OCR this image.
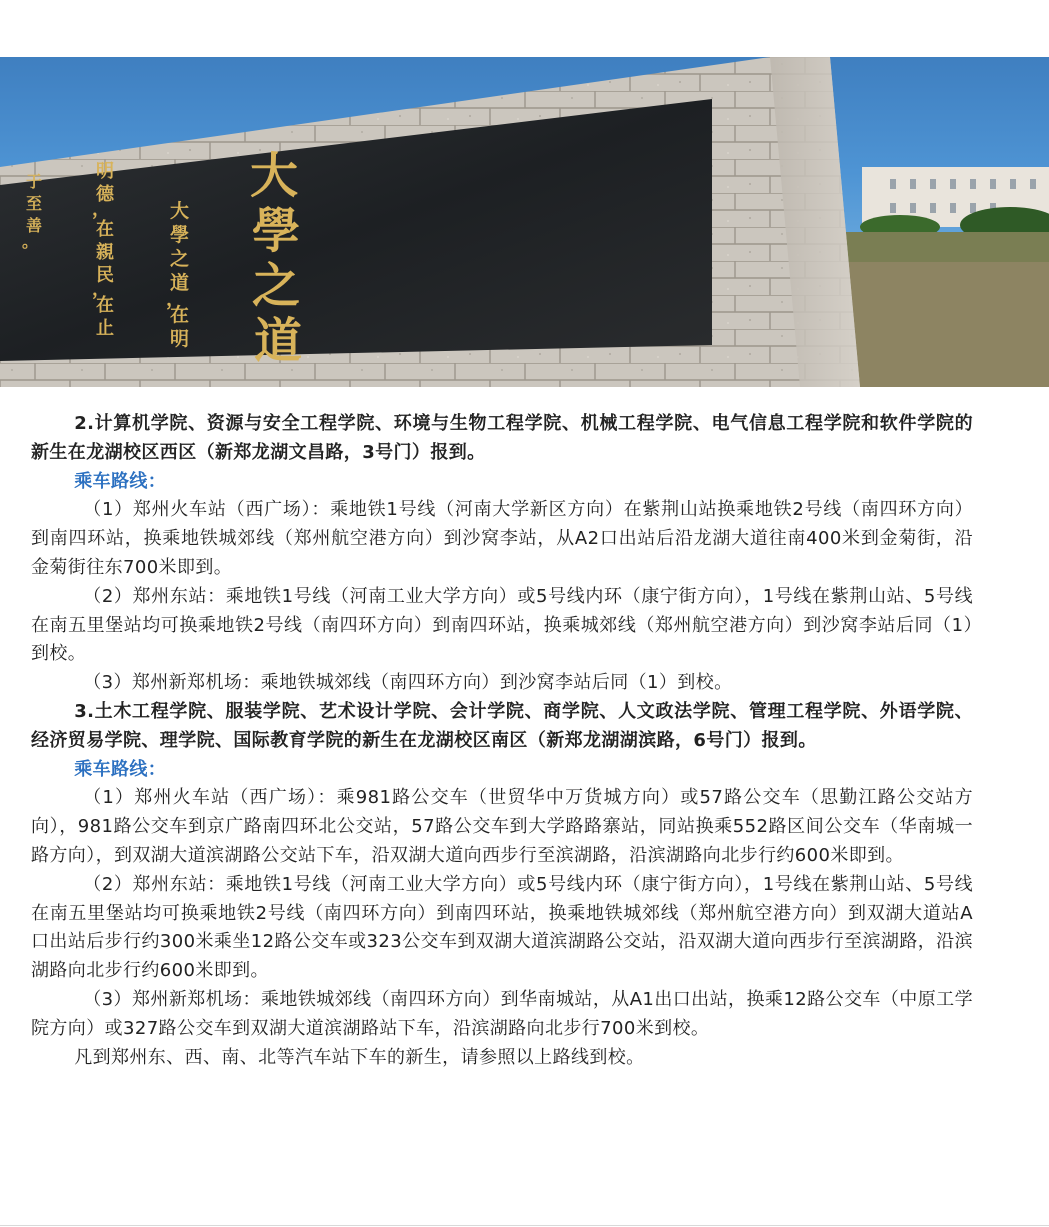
大
學
之
道
大
學
之
道
，
在
明
明
德
，
在
親
民
，
在
止
于
至
善
。

2.计算机学院、资源与安全工程学院、环境与生物工程学院、机械工程学院、电气信息工程学院和软件学院的新生在龙湖校区西区（新郑龙湖文昌路，3号门）报到。

乘车路线：

（1）郑州火车站（西广场）：乘地铁1号线（河南大学新区方向）在紫荆山站换乘地铁2号线（南四环方向）到南四环站，换乘地铁城郊线（郑州航空港方向）到沙窝李站，从A2口出站后沿龙湖大道往南400米到金菊街，沿金菊街往东700米即到。

（2）郑州东站：乘地铁1号线（河南工业大学方向）或5号线内环（康宁街方向），1号线在紫荆山站、5号线在南五里堡站均可换乘地铁2号线（南四环方向）到南四环站，换乘城郊线（郑州航空港方向）到沙窝李站后同（1）到校。

（3）郑州新郑机场：乘地铁城郊线（南四环方向）到沙窝李站后同（1）到校。

3.土木工程学院、服装学院、艺术设计学院、会计学院、商学院、人文政法学院、管理工程学院、外语学院、经济贸易学院、理学院、国际教育学院的新生在龙湖校区南区（新郑龙湖湖滨路，6号门）报到。

乘车路线：

（1）郑州火车站（西广场）：乘981路公交车（世贸华中万货城方向）或57路公交车（思勤江路公交站方向），981路公交车到京广路南四环北公交站，57路公交车到大学路路寨站，同站换乘552路区间公交车（华南城一路方向），到双湖大道滨湖路公交站下车，沿双湖大道向西步行至滨湖路，沿滨湖路向北步行约600米即到。

（2）郑州东站：乘地铁1号线（河南工业大学方向）或5号线内环（康宁街方向），1号线在紫荆山站、5号线在南五里堡站均可换乘地铁2号线（南四环方向）到南四环站，换乘地铁城郊线（郑州航空港方向）到双湖大道站A口出站后步行约300米乘坐12路公交车或323公交车到双湖大道滨湖路公交站，沿双湖大道向西步行至滨湖路，沿滨湖路向北步行约600米即到。

（3）郑州新郑机场：乘地铁城郊线（南四环方向）到华南城站，从A1出口出站，换乘12路公交车（中原工学院方向）或327路公交车到双湖大道滨湖路站下车，沿滨湖路向北步行700米到校。

凡到郑州东、西、南、北等汽车站下车的新生，请参照以上路线到校。
